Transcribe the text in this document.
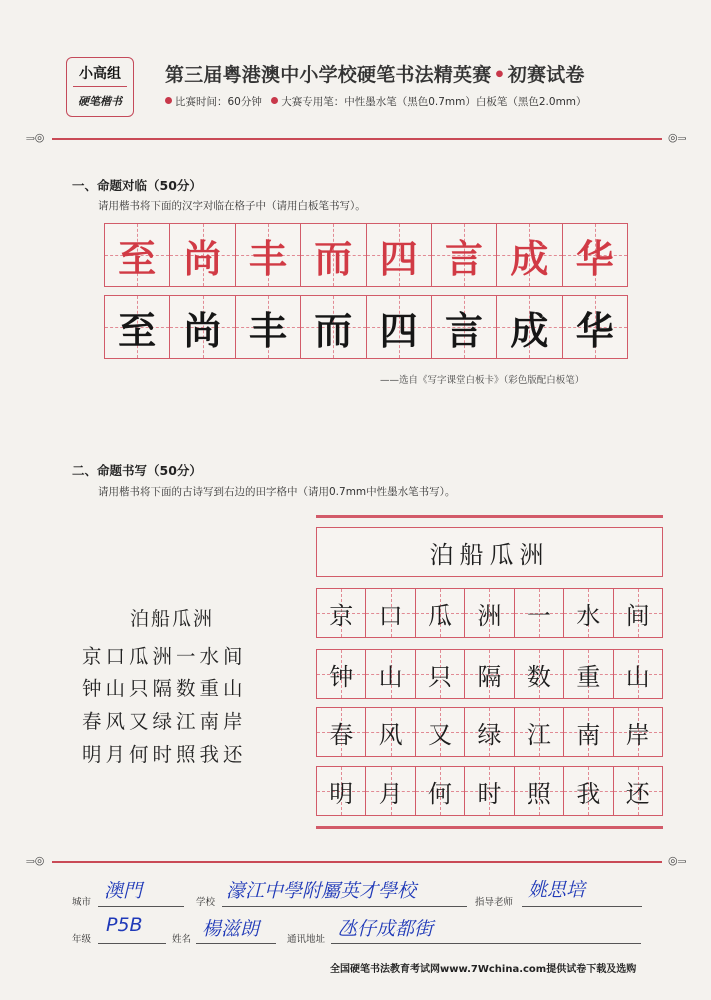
小高组
硬笔楷书
第三届粤港澳中小学校硬笔书法精英赛 • 初赛试卷
比赛时间：60分钟 大赛专用笔：中性墨水笔（黑色0.7mm）白板笔（黑色2.0mm）
⥰◎	◎⥰
一、命题对临（50分）
请用楷书将下面的汉字对临在格子中（请用白板笔书写）。
至 尚 丰 而 四 言 成 华
至 尚 丰 而 四 言 成 华
——选自《写字课堂白板卡》（彩色版配白板笔）
二、命题书写（50分）
请用楷书将下面的古诗写到右边的田字格中（请用0.7mm中性墨水笔书写）。
泊船瓜洲
京口瓜洲一水间
钟山只隔数重山
春风又绿江南岸
明月何时照我还
泊船瓜洲
京 口 瓜 洲 一 水 间
钟 山 只 隔 数 重 山
春 风 又 绿 江 南 岸
明 月 何 时 照 我 还
⥰◎	◎⥰
城市
澳門
学校
濠江中學附屬英才學校
指导老师
姚思培
年级
P5B
姓名 楊滋朗	通讯地址 氹仔成都街
全国硬笔书法教育考试网www.7Wchina.com提供试卷下载及选购
